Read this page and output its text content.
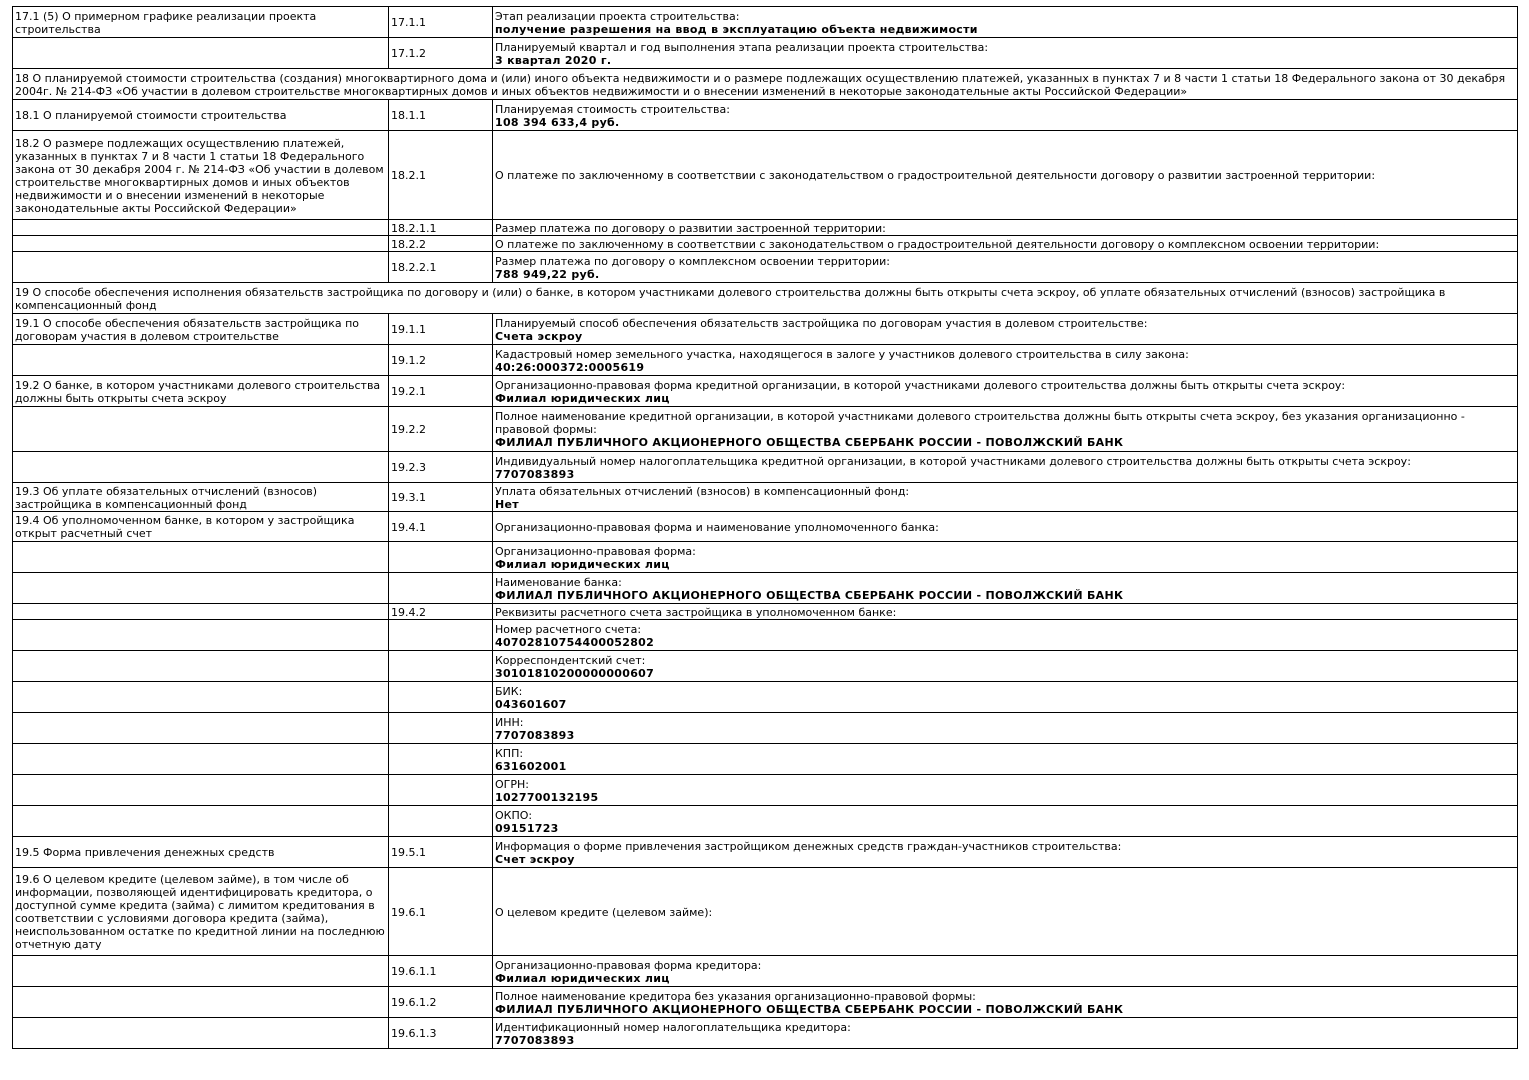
17.1 (5) О примерном графике реализации проекта строительства	17.1.1	Этап реализации проекта строительства:
получение разрешения на ввод в эксплуатацию объекта недвижимости

	17.1.2	Планируемый квартал и год выполнения этапа реализации проекта строительства:
3 квартал 2020 г.

18 О планируемой стоимости строительства (создания) многоквартирного дома и (или) иного объекта недвижимости и о размере подлежащих осуществлению платежей, указанных в пунктах 7 и 8 части 1 статьи 18 Федерального закона от 30 декабря 2004г. № 214-ФЗ «Об участии в долевом строительстве многоквартирных домов и иных объектов недвижимости и о внесении изменений в некоторые законодательные акты Российской Федерации»		
18.1 О планируемой стоимости строительства	18.1.1	Планируемая стоимость строительства:
108 394 633,4 руб.

18.2 О размере подлежащих осуществлению платежей, указанных в пунктах 7 и 8 части 1 статьи 18 Федерального закона от 30 декабря 2004 г. № 214-ФЗ «Об участии в долевом строительстве многоквартирных домов и иных объектов недвижимости и о внесении изменений в некоторые законодательные акты Российской Федерации»	18.2.1	О платеже по заключенному в соответствии с законодательством о градостроительной деятельности договору о развитии застроенной территории:

	18.2.1.1	Размер платежа по договору о развитии застроенной территории:

	18.2.2	О платеже по заключенному в соответствии с законодательством о градостроительной деятельности договору о комплексном освоении территории:

	18.2.2.1	Размер платежа по договору о комплексном освоении территории:
788 949,22 руб.

19 О способе обеспечения исполнения обязательств застройщика по договору и (или) о банке, в котором участниками долевого строительства должны быть открыты счета эскроу, об уплате обязательных отчислений (взносов) застройщика в компенсационный фонд		
19.1 О способе обеспечения обязательств застройщика по договорам участия в долевом строительстве	19.1.1	Планируемый способ обеспечения обязательств застройщика по договорам участия в долевом строительстве:
Счета эскроу

	19.1.2	Кадастровый номер земельного участка, находящегося в залоге у участников долевого строительства в силу закона:
40:26:000372:0005619

19.2 О банке, в котором участниками долевого строительства должны быть открыты счета эскроу	19.2.1	Организационно-правовая форма кредитной организации, в которой участниками долевого строительства должны быть открыты счета эскроу:
Филиал юридических лиц

	19.2.2	Полное наименование кредитной организации, в которой участниками долевого строительства должны быть открыты счета эскроу, без указания организационно - правовой формы:
ФИЛИАЛ ПУБЛИЧНОГО АКЦИОНЕРНОГО ОБЩЕСТВА СБЕРБАНК РОССИИ - ПОВОЛЖСКИЙ БАНК

	19.2.3	Индивидуальный номер налогоплательщика кредитной организации, в которой участниками долевого строительства должны быть открыты счета эскроу:
7707083893

19.3 Об уплате обязательных отчислений (взносов) застройщика в компенсационный фонд	19.3.1	Уплата обязательных отчислений (взносов) в компенсационный фонд:
Нет

19.4 Об уполномоченном банке, в котором у застройщика открыт расчетный счет	19.4.1	Организационно-правовая форма и наименование уполномоченного банка:

		Организационно-правовая форма:
Филиал юридических лиц

		Наименование банка:
ФИЛИАЛ ПУБЛИЧНОГО АКЦИОНЕРНОГО ОБЩЕСТВА СБЕРБАНК РОССИИ - ПОВОЛЖСКИЙ БАНК

	19.4.2	Реквизиты расчетного счета застройщика в уполномоченном банке:

		Номер расчетного счета:
40702810754400052802

		Корреспондентский счет:
30101810200000000607

		БИК:
043601607

		ИНН:
7707083893

		КПП:
631602001

		ОГРН:
1027700132195

		ОКПО:
09151723

19.5 Форма привлечения денежных средств	19.5.1	Информация о форме привлечения застройщиком денежных средств граждан-участников строительства:
Счет эскроу

19.6 О целевом кредите (целевом займе), в том числе об информации, позволяющей идентифицировать кредитора, о доступной сумме кредита (займа) с лимитом кредитования в соответствии с условиями договора кредита (займа), неиспользованном остатке по кредитной линии на последнюю отчетную дату	19.6.1	О целевом кредите (целевом займе):

	19.6.1.1	Организационно-правовая форма кредитора:
Филиал юридических лиц

	19.6.1.2	Полное наименование кредитора без указания организационно-правовой формы:
ФИЛИАЛ ПУБЛИЧНОГО АКЦИОНЕРНОГО ОБЩЕСТВА СБЕРБАНК РОССИИ - ПОВОЛЖСКИЙ БАНК

	19.6.1.3	Идентификационный номер налогоплательщика кредитора:
7707083893
